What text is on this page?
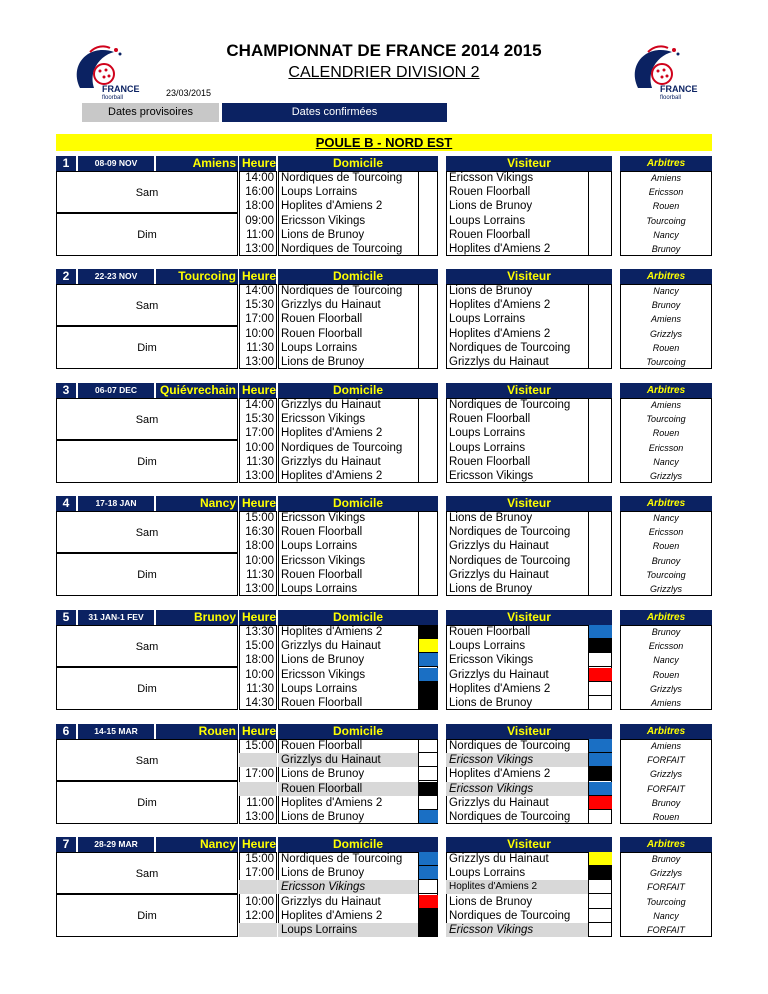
FRANCE
floorball
FRANCE
floorball
CHAMPIONNAT DE FRANCE 2014 2015
CALENDRIER DIVISION 2
23/03/2015
Dates provisoires	Dates confirmées
POULE B - NORD EST
1	08-09 NOV	Amiens
Sam
Dim
Heure	Domicile	Visiteur	Arbitres
14:00 Nordiques de Tourcoing	Ericsson Vikings	Amiens
16:00 Loups Lorrains	Rouen Floorball	Ericsson
18:00 Hoplites d'Amiens 2	Lions de Brunoy	Rouen
09:00 Ericsson Vikings	Loups Lorrains	Tourcoing
11:00 Lions de Brunoy	Rouen Floorball	Nancy
13:00 Nordiques de Tourcoing	Hoplites d'Amiens 2	Brunoy
2	22-23 NOV	Tourcoing
Sam
Dim
Heure	Domicile	Visiteur	Arbitres
14:00 Nordiques de Tourcoing	Lions de Brunoy	Nancy
15:30 Grizzlys du Hainaut	Hoplites d'Amiens 2	Brunoy
17:00 Rouen Floorball	Loups Lorrains	Amiens
10:00 Rouen Floorball	Hoplites d'Amiens 2	Grizzlys
11:30 Loups Lorrains	Nordiques de Tourcoing	Rouen
13:00 Lions de Brunoy	Grizzlys du Hainaut	Tourcoing
3	06-07 DEC	Quiévrechain
Sam
Dim
Heure	Domicile	Visiteur	Arbitres
14:00 Grizzlys du Hainaut	Nordiques de Tourcoing	Amiens
15:30 Ericsson Vikings	Rouen Floorball	Tourcoing
17:00 Hoplites d'Amiens 2	Loups Lorrains	Rouen
10:00 Nordiques de Tourcoing	Loups Lorrains	Ericsson
11:30 Grizzlys du Hainaut	Rouen Floorball	Nancy
13:00 Hoplites d'Amiens 2	Ericsson Vikings	Grizzlys
4	17-18 JAN	Nancy
Sam
Dim
Heure	Domicile	Visiteur	Arbitres
15:00 Ericsson Vikings	Lions de Brunoy	Nancy
16:30 Rouen Floorball	Nordiques de Tourcoing	Ericsson
18:00 Loups Lorrains	Grizzlys du Hainaut	Rouen
10:00 Ericsson Vikings	Nordiques de Tourcoing	Brunoy
11:30 Rouen Floorball	Grizzlys du Hainaut	Tourcoing
13:00 Loups Lorrains	Lions de Brunoy	Grizzlys
5	31 JAN-1 FEV	Brunoy
Sam
Dim
Heure	Domicile	Visiteur	Arbitres
13:30 Hoplites d'Amiens 2	Rouen Floorball	Brunoy
15:00 Grizzlys du Hainaut	Loups Lorrains	Ericsson
18:00 Lions de Brunoy	Ericsson Vikings	Nancy
10:00 Ericsson Vikings	Grizzlys du Hainaut	Rouen
11:30 Loups Lorrains	Hoplites d'Amiens 2	Grizzlys
14:30 Rouen Floorball	Lions de Brunoy	Amiens
6	14-15 MAR	Rouen
Sam
Dim
Heure	Domicile	Visiteur	Arbitres
15:00 Rouen Floorball	Nordiques de Tourcoing	Amiens
Grizzlys du Hainaut	Ericsson Vikings	FORFAIT
17:00 Lions de Brunoy	Hoplites d'Amiens 2	Grizzlys
Rouen Floorball	Ericsson Vikings	FORFAIT
11:00 Hoplites d'Amiens 2	Grizzlys du Hainaut	Brunoy
13:00 Lions de Brunoy	Nordiques de Tourcoing	Rouen
7	28-29 MAR	Nancy
Sam
Dim
Heure	Domicile	Visiteur	Arbitres
15:00 Nordiques de Tourcoing	Grizzlys du Hainaut	Brunoy
17:00 Lions de Brunoy	Loups Lorrains	Grizzlys
Ericsson Vikings	Hoplites d'Amiens 2	FORFAIT
10:00 Grizzlys du Hainaut	Lions de Brunoy	Tourcoing
12:00 Hoplites d'Amiens 2	Nordiques de Tourcoing	Nancy
Loups Lorrains	Ericsson Vikings	FORFAIT
